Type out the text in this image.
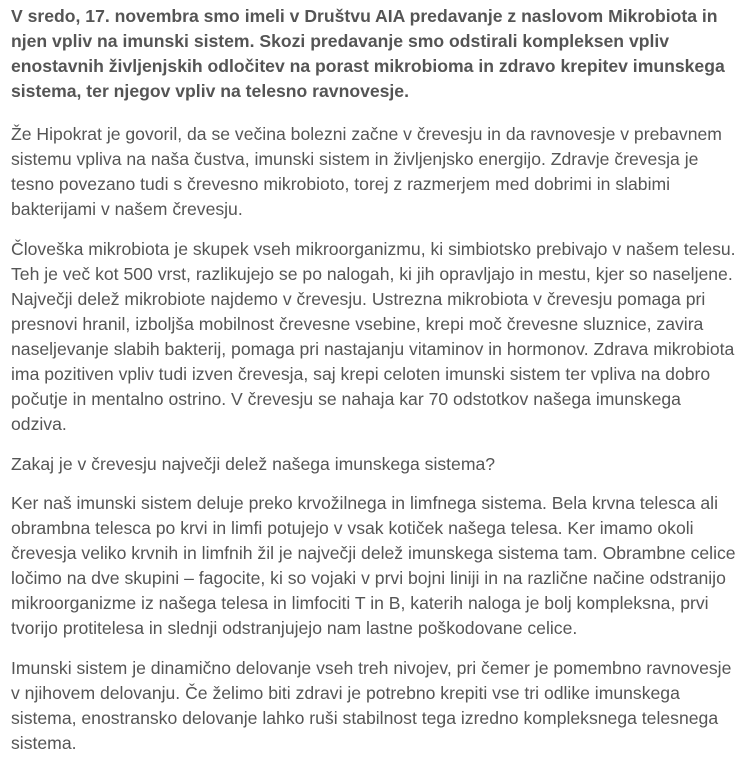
V sredo, 17. novembra smo imeli v Društvu AIA predavanje z naslovom Mikrobiota in njen vpliv na imunski sistem. Skozi predavanje smo odstirali kompleksen vpliv enostavnih življenjskih odločitev na porast mikrobioma in zdravo krepitev imunskega sistema, ter njegov vpliv na telesno ravnovesje.

Že Hipokrat je govoril, da se večina bolezni začne v črevesju in da ravnovesje v prebavnem sistemu vpliva na naša čustva, imunski sistem in življenjsko energijo. Zdravje črevesja je tesno povezano tudi s črevesno mikrobioto, torej z razmerjem med dobrimi in slabimi bakterijami v našem črevesju.

Človeška mikrobiota je skupek vseh mikroorganizmu, ki simbiotsko prebivajo v našem telesu. Teh je več kot 500 vrst, razlikujejo se po nalogah, ki jih opravljajo in mestu, kjer so naseljene. Največji delež mikrobiote najdemo v črevesju. Ustrezna mikrobiota v črevesju pomaga pri presnovi hranil, izboljša mobilnost črevesne vsebine, krepi moč črevesne sluznice, zavira naseljevanje slabih bakterij, pomaga pri nastajanju vitaminov in hormonov. Zdrava mikrobiota ima pozitiven vpliv tudi izven črevesja, saj krepi celoten imunski sistem ter vpliva na dobro počutje in mentalno ostrino. V črevesju se nahaja kar 70 odstotkov našega imunskega odziva.

Zakaj je v črevesju največji delež našega imunskega sistema?

Ker naš imunski sistem deluje preko krvožilnega in limfnega sistema. Bela krvna telesca ali obrambna telesca po krvi in limfi potujejo v vsak kotiček našega telesa. Ker imamo okoli črevesja veliko krvnih in limfnih žil je največji delež imunskega sistema tam. Obrambne celice ločimo na dve skupini – fagocite, ki so vojaki v prvi bojni liniji in na različne načine odstranijo mikroorganizme iz našega telesa in limfociti T in B, katerih naloga je bolj kompleksna, prvi tvorijo protitelesa in slednji odstranjujejo nam lastne poškodovane celice.

Imunski sistem je dinamično delovanje vseh treh nivojev, pri čemer je pomembno ravnovesje v njihovem delovanju. Če želimo biti zdravi je potrebno krepiti vse tri odlike imunskega sistema, enostransko delovanje lahko ruši stabilnost tega izredno kompleksnega telesnega sistema.
